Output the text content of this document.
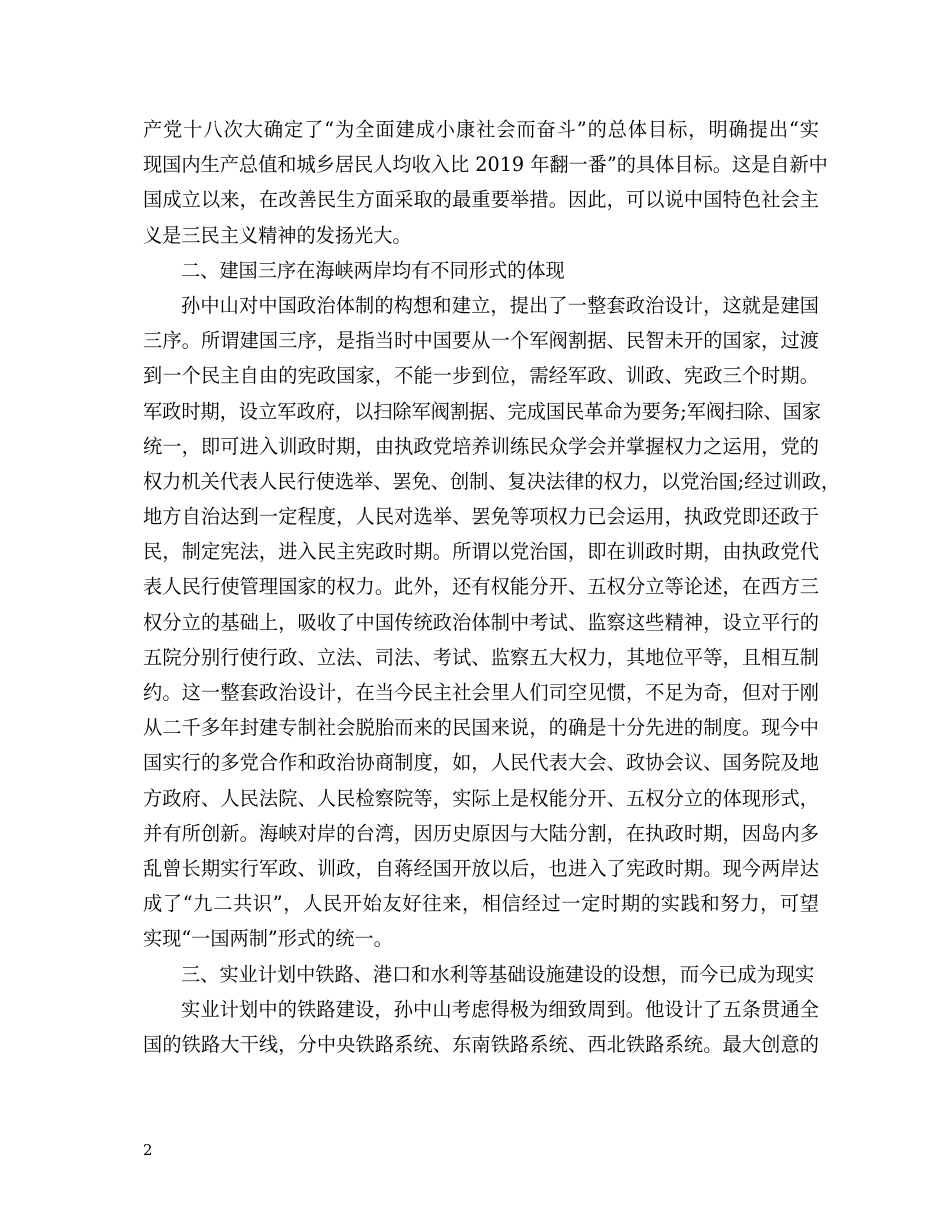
产党十八次大确定了“为全面建成小康社会而奋斗”的总体目标，明确提出“实
现国内生产总值和城乡居民人均收入比 2019 年翻一番”的具体目标。这是自新中
国成立以来，在改善民生方面采取的最重要举措。因此，可以说中国特色社会主
义是三民主义精神的发扬光大。
二、建国三序在海峡两岸均有不同形式的体现
孙中山对中国政治体制的构想和建立，提出了一整套政治设计，这就是建国
三序。所谓建国三序，是指当时中国要从一个军阀割据、民智未开的国家，过渡
到一个民主自由的宪政国家，不能一步到位，需经军政、训政、宪政三个时期。
军政时期，设立军政府，以扫除军阀割据、完成国民革命为要务;军阀扫除、国家
统一，即可进入训政时期，由执政党培养训练民众学会并掌握权力之运用，党的
权力机关代表人民行使选举、罢免、创制、复决法律的权力，以党治国;经过训政，
地方自治达到一定程度，人民对选举、罢免等项权力已会运用，执政党即还政于
民，制定宪法，进入民主宪政时期。所谓以党治国，即在训政时期，由执政党代
表人民行使管理国家的权力。此外，还有权能分开、五权分立等论述，在西方三
权分立的基础上，吸收了中国传统政治体制中考试、监察这些精神，设立平行的
五院分别行使行政、立法、司法、考试、监察五大权力，其地位平等，且相互制
约。这一整套政治设计，在当今民主社会里人们司空见惯，不足为奇，但对于刚
从二千多年封建专制社会脱胎而来的民国来说，的确是十分先进的制度。现今中
国实行的多党合作和政治协商制度，如，人民代表大会、政协会议、国务院及地
方政府、人民法院、人民检察院等，实际上是权能分开、五权分立的体现形式，
并有所创新。海峡对岸的台湾，因历史原因与大陆分割，在执政时期，因岛内多
乱曾长期实行军政、训政，自蒋经国开放以后，也进入了宪政时期。现今两岸达
成了“九二共识”，人民开始友好往来，相信经过一定时期的实践和努力，可望
实现“一国两制”形式的统一。
三、实业计划中铁路、港口和水利等基础设施建设的设想，而今已成为现实
实业计划中的铁路建设，孙中山考虑得极为细致周到。他设计了五条贯通全
国的铁路大干线，分中央铁路系统、东南铁路系统、西北铁路系统。最大创意的
2
